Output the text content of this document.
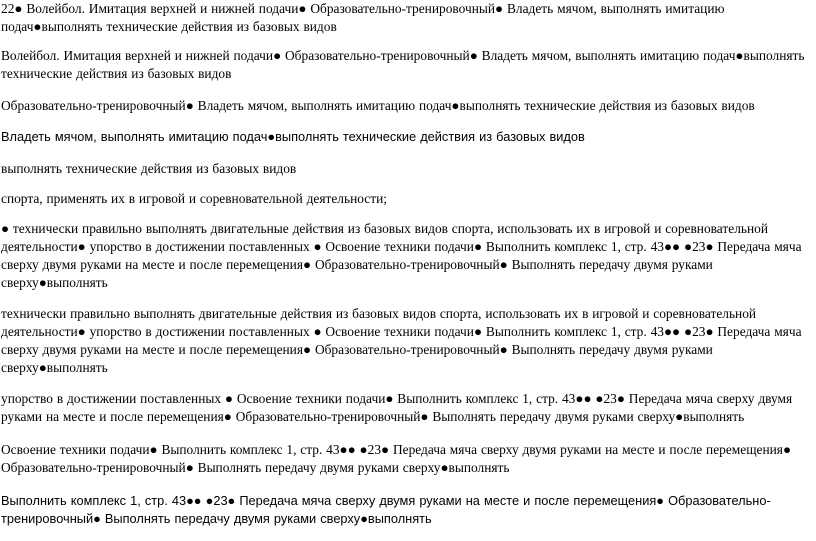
22● Волейбол. Имитация верхней и нижней подачи● Образовательно-тренировочный● Владеть мячом, выполнять имитацию подач●выполнять технические действия из базовых видов

Волейбол. Имитация верхней и нижней подачи● Образовательно-тренировочный● Владеть мячом, выполнять имитацию подач●выполнять технические действия из базовых видов

Образовательно-тренировочный● Владеть мячом, выполнять имитацию подач●выполнять технические действия из базовых видов

Владеть мячом, выполнять имитацию подач●выполнять технические действия из базовых видов

выполнять технические действия из базовых видов

спорта, применять их в игровой и соревновательной деятельности;

● технически правильно выполнять двигательные действия из базовых видов спорта, использовать их в игровой и соревновательной деятельности● упорство в достижении поставленных ● Освоение техники подачи● Выполнить комплекс 1, стр. 43●● ●23● Передача мяча сверху двумя руками на месте и после перемещения● Образовательно-тренировочный● Выполнять передачу двумя руками сверху●выполнять

технически правильно выполнять двигательные действия из базовых видов спорта, использовать их в игровой и соревновательной деятельности● упорство в достижении поставленных ● Освоение техники подачи● Выполнить комплекс 1, стр. 43●● ●23● Передача мяча сверху двумя руками на месте и после перемещения● Образовательно-тренировочный● Выполнять передачу двумя руками сверху●выполнять

упорство в достижении поставленных ● Освоение техники подачи● Выполнить комплекс 1, стр. 43●● ●23● Передача мяча сверху двумя руками на месте и после перемещения● Образовательно-тренировочный● Выполнять передачу двумя руками сверху●выполнять

Освоение техники подачи● Выполнить комплекс 1, стр. 43●● ●23● Передача мяча сверху двумя руками на месте и после перемещения● Образовательно-тренировочный● Выполнять передачу двумя руками сверху●выполнять

Выполнить комплекс 1, стр. 43●● ●23● Передача мяча сверху двумя руками на месте и после перемещения● Образовательно-тренировочный● Выполнять передачу двумя руками сверху●выполнять
